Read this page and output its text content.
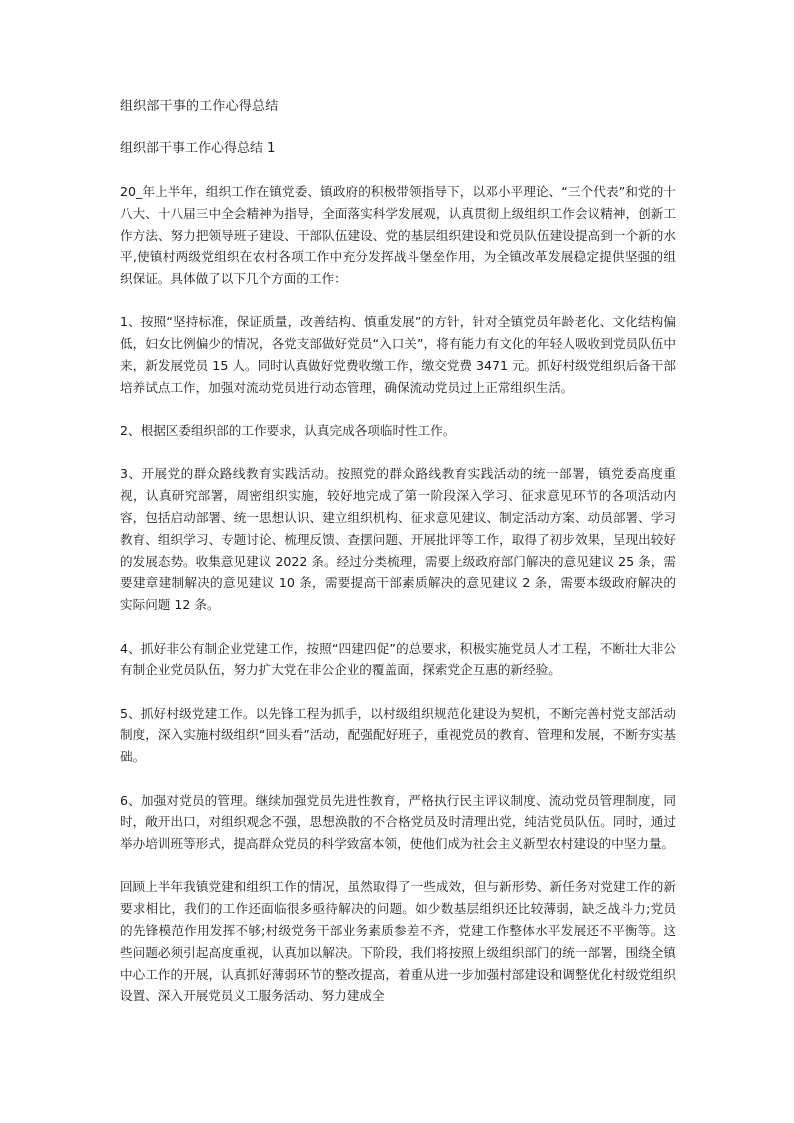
组织部干事的工作心得总结
组织部干事工作心得总结 1

20_年上半年，组织工作在镇党委、镇政府的积极带领指导下，以邓小平理论、“三个代表”和党的十八大、十八届三中全会精神为指导，全面落实科学发展观，认真贯彻上级组织工作会议精神，创新工作方法、努力把领导班子建设、干部队伍建设、党的基层组织建设和党员队伍建设提高到一个新的水平,使镇村两级党组织在农村各项工作中充分发挥战斗堡垒作用，为全镇改革发展稳定提供坚强的组织保证。具体做了以下几个方面的工作：

1、按照“坚持标准，保证质量，改善结构、慎重发展”的方针，针对全镇党员年龄老化、文化结构偏低，妇女比例偏少的情况，各党支部做好党员“入口关”，将有能力有文化的年轻人吸收到党员队伍中来，新发展党员 15 人。同时认真做好党费收缴工作，缴交党费 3471 元。抓好村级党组织后备干部培养试点工作，加强对流动党员进行动态管理，确保流动党员过上正常组织生活。

2、根据区委组织部的工作要求，认真完成各项临时性工作。

3、开展党的群众路线教育实践活动。按照党的群众路线教育实践活动的统一部署，镇党委高度重视，认真研究部署，周密组织实施，较好地完成了第一阶段深入学习、征求意见环节的各项活动内容，包括启动部署、统一思想认识、建立组织机构、征求意见建议、制定活动方案、动员部署、学习教育、组织学习、专题讨论、梳理反馈、查摆问题、开展批评等工作，取得了初步效果，呈现出较好的发展态势。收集意见建议 2022 条。经过分类梳理，需要上级政府部门解决的意见建议 25 条，需要建章建制解决的意见建议 10 条，需要提高干部素质解决的意见建议 2 条，需要本级政府解决的实际问题 12 条。

4、抓好非公有制企业党建工作，按照“四建四促”的总要求，积极实施党员人才工程，不断壮大非公有制企业党员队伍，努力扩大党在非公企业的覆盖面，探索党企互惠的新经验。

5、抓好村级党建工作。以先锋工程为抓手，以村级组织规范化建设为契机，不断完善村党支部活动制度，深入实施村级组织“回头看”活动，配强配好班子，重视党员的教育、管理和发展，不断夯实基础。

6、加强对党员的管理。继续加强党员先进性教育，严格执行民主评议制度、流动党员管理制度，同时，敞开出口，对组织观念不强，思想涣散的不合格党员及时清理出党，纯洁党员队伍。同时，通过举办培训班等形式，提高群众党员的科学致富本领，使他们成为社会主义新型农村建设的中坚力量。

回顾上半年我镇党建和组织工作的情况，虽然取得了一些成效，但与新形势、新任务对党建工作的新要求相比，我们的工作还面临很多亟待解决的问题。如少数基层组织还比较薄弱，缺乏战斗力;党员的先锋模范作用发挥不够;村级党务干部业务素质参差不齐，党建工作整体水平发展还不平衡等。这些问题必须引起高度重视，认真加以解决。下阶段，我们将按照上级组织部门的统一部署，围绕全镇中心工作的开展，认真抓好薄弱环节的整改提高，着重从进一步加强村部建设和调整优化村级党组织设置、深入开展党员义工服务活动、努力建成全
